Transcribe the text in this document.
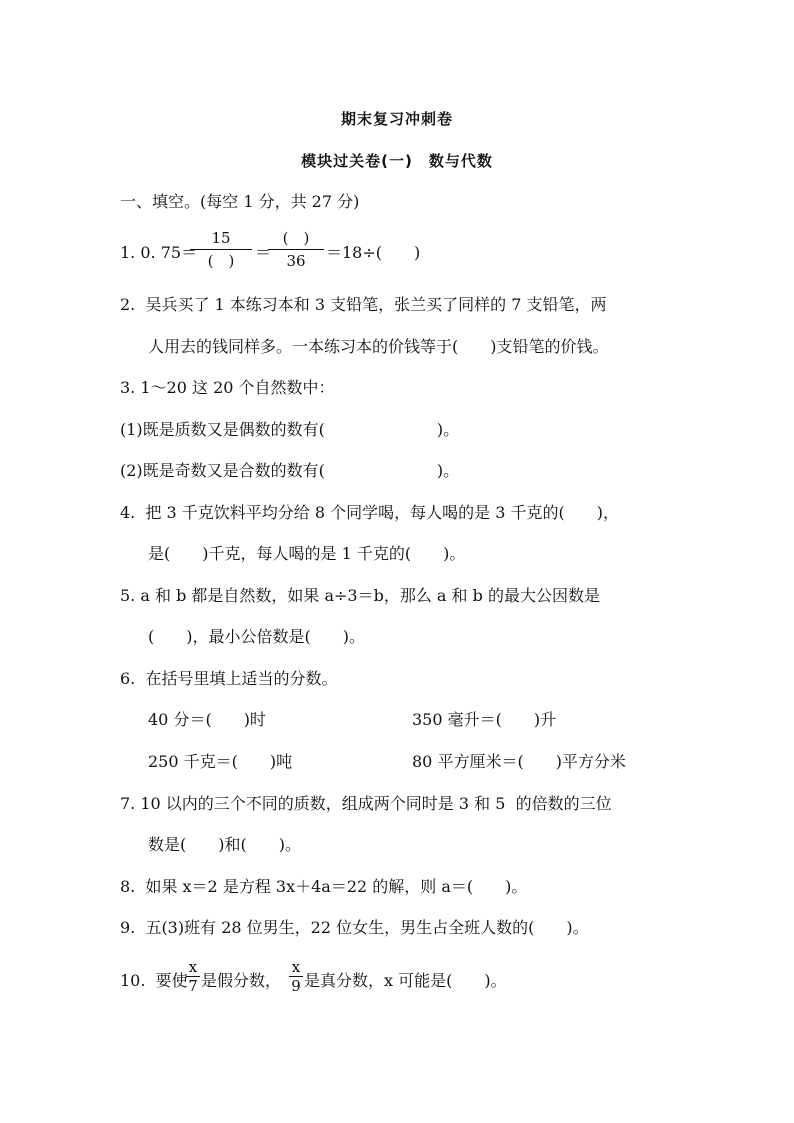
期末复习冲刺卷
模块过关卷(一)　数与代数
一、填空。(每空 1 分，共 27 分)
1. 0. 75＝
15
(　)	＝
(　)
36	＝18÷(　　)
2.  吴兵买了 1 本练习本和 3 支铅笔，张兰买了同样的 7 支铅笔，两
人用去的钱同样多。一本练习本的价钱等于(　　)支铅笔的价钱。
3. 1～20 这 20 个自然数中：
(1)既是质数又是偶数的数有(　　　　　　　)。
(2)既是奇数又是合数的数有(　　　　　　　)。
4.  把 3 千克饮料平均分给 8 个同学喝，每人喝的是 3 千克的(　　)，
是(　　)千克，每人喝的是 1 千克的(　　)。
5. a 和 b 都是自然数，如果 a÷3＝b，那么 a 和 b 的最大公因数是
(　　)，最小公倍数是(　　)。
6.  在括号里填上适当的分数。
40 分＝(　　)时	350 毫升＝(　　)升
250 千克＝(　　)吨	80 平方厘米＝(　　)平方分米
7. 10 以内的三个不同的质数，组成两个同时是 3 和 5  的倍数的三位
数是(　　)和(　　)。
8.  如果 x＝2 是方程 3x＋4a＝22 的解，则 a＝(　　)。
9.  五(3)班有 28 位男生，22 位女生，男生占全班人数的(　　)。
10.  要使
x
7 是假分数，
x
9 是真分数，x 可能是(　　)。
